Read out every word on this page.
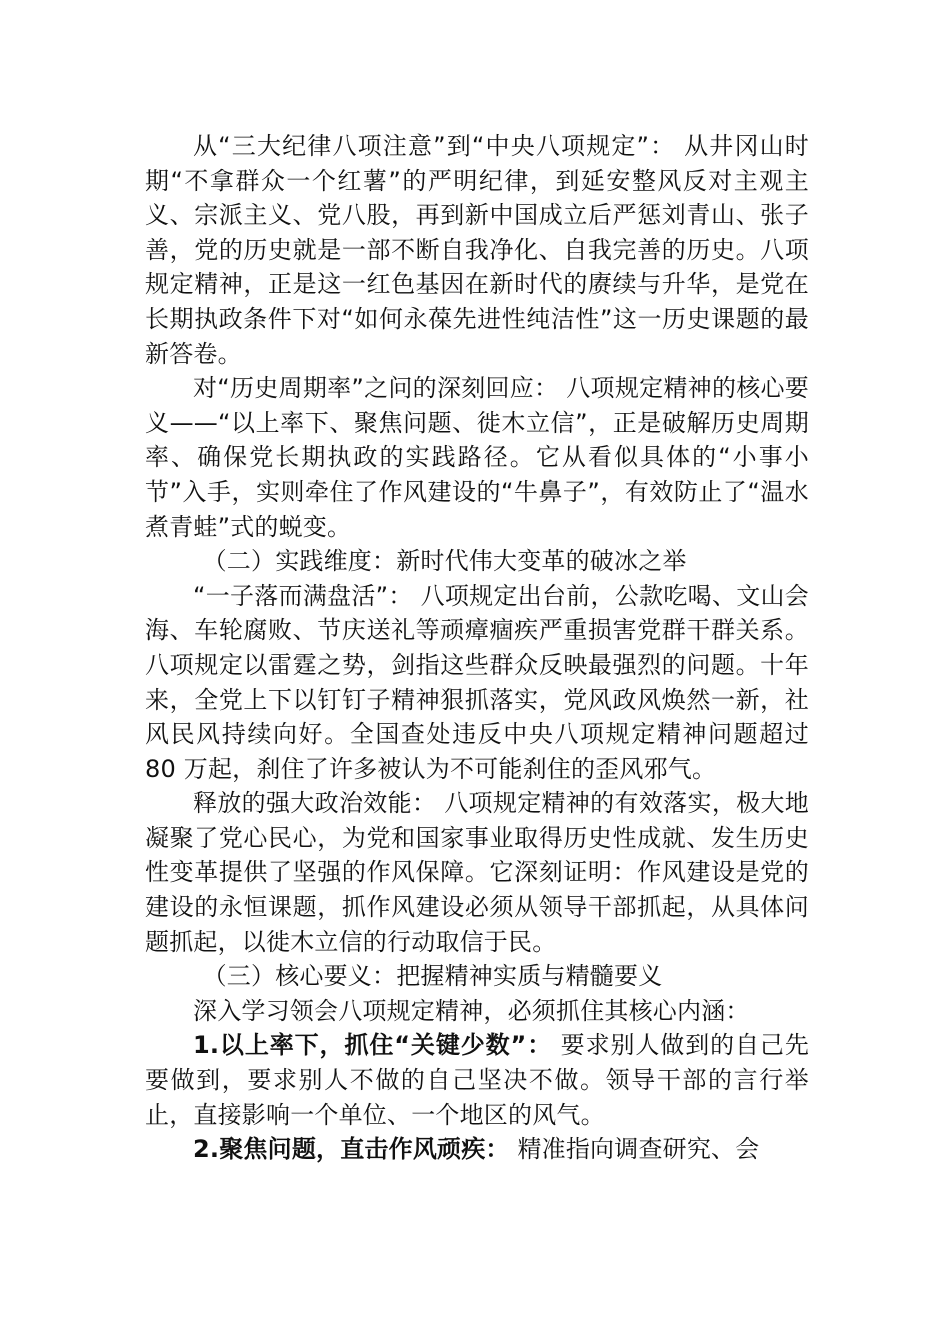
从“三大纪律八项注意”到“中央八项规定”： 从井冈山时期“不拿群众一个红薯”的严明纪律，到延安整风反对主观主义、宗派主义、党八股，再到新中国成立后严惩刘青山、张子善，党的历史就是一部不断自我净化、自我完善的历史。八项规定精神，正是这一红色基因在新时代的赓续与升华，是党在长期执政条件下对“如何永葆先进性纯洁性”这一历史课题的最新答卷。

对“历史周期率”之问的深刻回应： 八项规定精神的核心要义——“以上率下、聚焦问题、徙木立信”，正是破解历史周期率、确保党长期执政的实践路径。它从看似具体的“小事小节”入手，实则牵住了作风建设的“牛鼻子”，有效防止了“温水煮青蛙”式的蜕变。

（二）实践维度：新时代伟大变革的破冰之举

“一子落而满盘活”： 八项规定出台前，公款吃喝、文山会海、车轮腐败、节庆送礼等顽瘴痼疾严重损害党群干群关系。八项规定以雷霆之势，剑指这些群众反映最强烈的问题。十年来，全党上下以钉钉子精神狠抓落实，党风政风焕然一新，社风民风持续向好。全国查处违反中央八项规定精神问题超过 80 万起，刹住了许多被认为不可能刹住的歪风邪气。

释放的强大政治效能： 八项规定精神的有效落实，极大地凝聚了党心民心，为党和国家事业取得历史性成就、发生历史性变革提供了坚强的作风保障。它深刻证明：作风建设是党的建设的永恒课题，抓作风建设必须从领导干部抓起，从具体问题抓起，以徙木立信的行动取信于民。

（三）核心要义：把握精神实质与精髓要义

深入学习领会八项规定精神，必须抓住其核心内涵：

1.以上率下，抓住“关键少数”： 要求别人做到的自己先要做到，要求别人不做的自己坚决不做。领导干部的言行举止，直接影响一个单位、一个地区的风气。

2.聚焦问题，直击作风顽疾： 精准指向调查研究、会
